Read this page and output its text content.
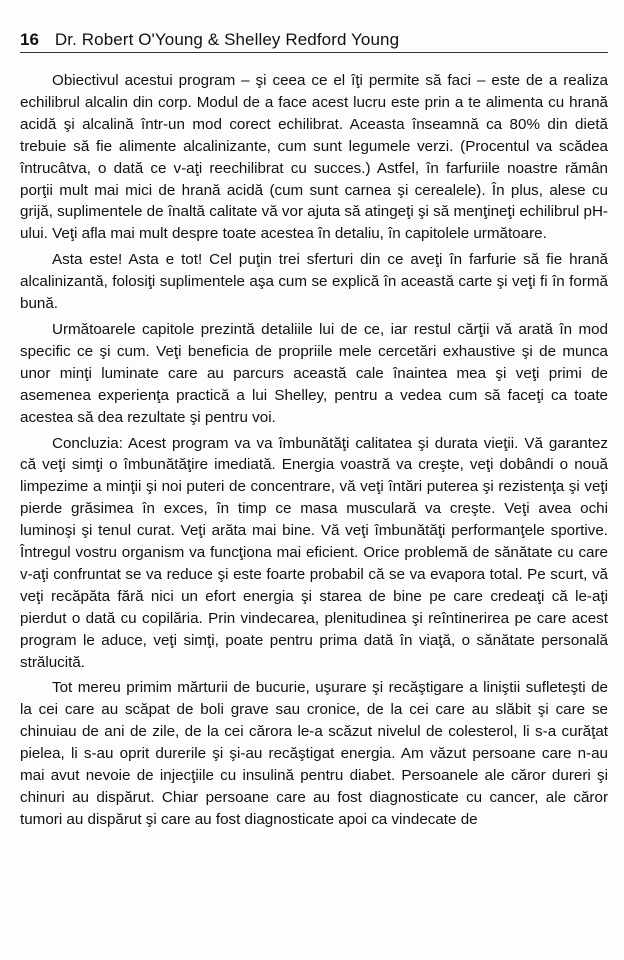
16 Dr. Robert O'Young & Shelley Redford Young

Obiectivul acestui program – şi ceea ce el îţi permite să faci – este de a realiza echilibrul alcalin din corp. Modul de a face acest lucru este prin a te alimenta cu hrană acidă şi alcalină într-un mod corect echilibrat. Aceasta înseamnă ca 80% din dietă trebuie să fie alimente alcalinizante, cum sunt legumele verzi. (Procentul va scădea întrucâtva, o dată ce v-aţi reechilibrat cu succes.) Astfel, în farfuriile noastre rămân porţii mult mai mici de hrană acidă (cum sunt carnea şi cerealele). În plus, alese cu grijă, suplimentele de înaltă calitate vă vor ajuta să atingeţi şi să menţineţi echilibrul pH-ului. Veţi afla mai mult despre toate acestea în detaliu, în capitolele următoare.

Asta este! Asta e tot! Cel puţin trei sferturi din ce aveţi în farfurie să fie hrană alcalinizantă, folosiţi suplimentele aşa cum se explică în această carte şi veţi fi în formă bună.

Următoarele capitole prezintă detaliile lui de ce, iar restul cărţii vă arată în mod specific ce şi cum. Veţi beneficia de propriile mele cercetări exhaustive şi de munca unor minţi luminate care au parcurs această cale înaintea mea şi veţi primi de asemenea experienţa practică a lui Shelley, pentru a vedea cum să faceţi ca toate acestea să dea rezultate şi pentru voi.

Concluzia: Acest program va va îmbunătăţi calitatea şi durata vieţii. Vă garantez că veţi simţi o îmbunătăţire imediată. Energia voastră va creşte, veţi dobândi o nouă limpezime a minţii şi noi puteri de concentrare, vă veţi întări puterea şi rezistenţa şi veţi pierde grăsimea în exces, în timp ce masa musculară va creşte. Veţi avea ochi luminoşi şi tenul curat. Veţi arăta mai bine. Vă veţi îmbunătăţi performanţele sportive. Întregul vostru organism va funcţiona mai eficient. Orice problemă de sănătate cu care v-aţi confruntat se va reduce şi este foarte probabil că se va evapora total. Pe scurt, vă veţi recăpăta fără nici un efort energia şi starea de bine pe care credeaţi că le-aţi pierdut o dată cu copilăria. Prin vindecarea, plenitudinea şi reîntinerirea pe care acest program le aduce, veţi simţi, poate pentru prima dată în viaţă, o sănătate personală strălucită.

Tot mereu primim mărturii de bucurie, uşurare şi recăştigare a liniştii sufleteşti de la cei care au scăpat de boli grave sau cronice, de la cei care au slăbit şi care se chinuiau de ani de zile, de la cei cărora le-a scăzut nivelul de colesterol, li s-a curăţat pielea, li s-au oprit durerile şi şi-au recăştigat energia. Am văzut persoane care n-au mai avut nevoie de injecţiile cu insulină pentru diabet. Persoanele ale căror dureri şi chinuri au dispărut. Chiar persoane care au fost diagnosticate cu cancer, ale căror tumori au dispărut şi care au fost diagnosticate apoi ca vindecate de
